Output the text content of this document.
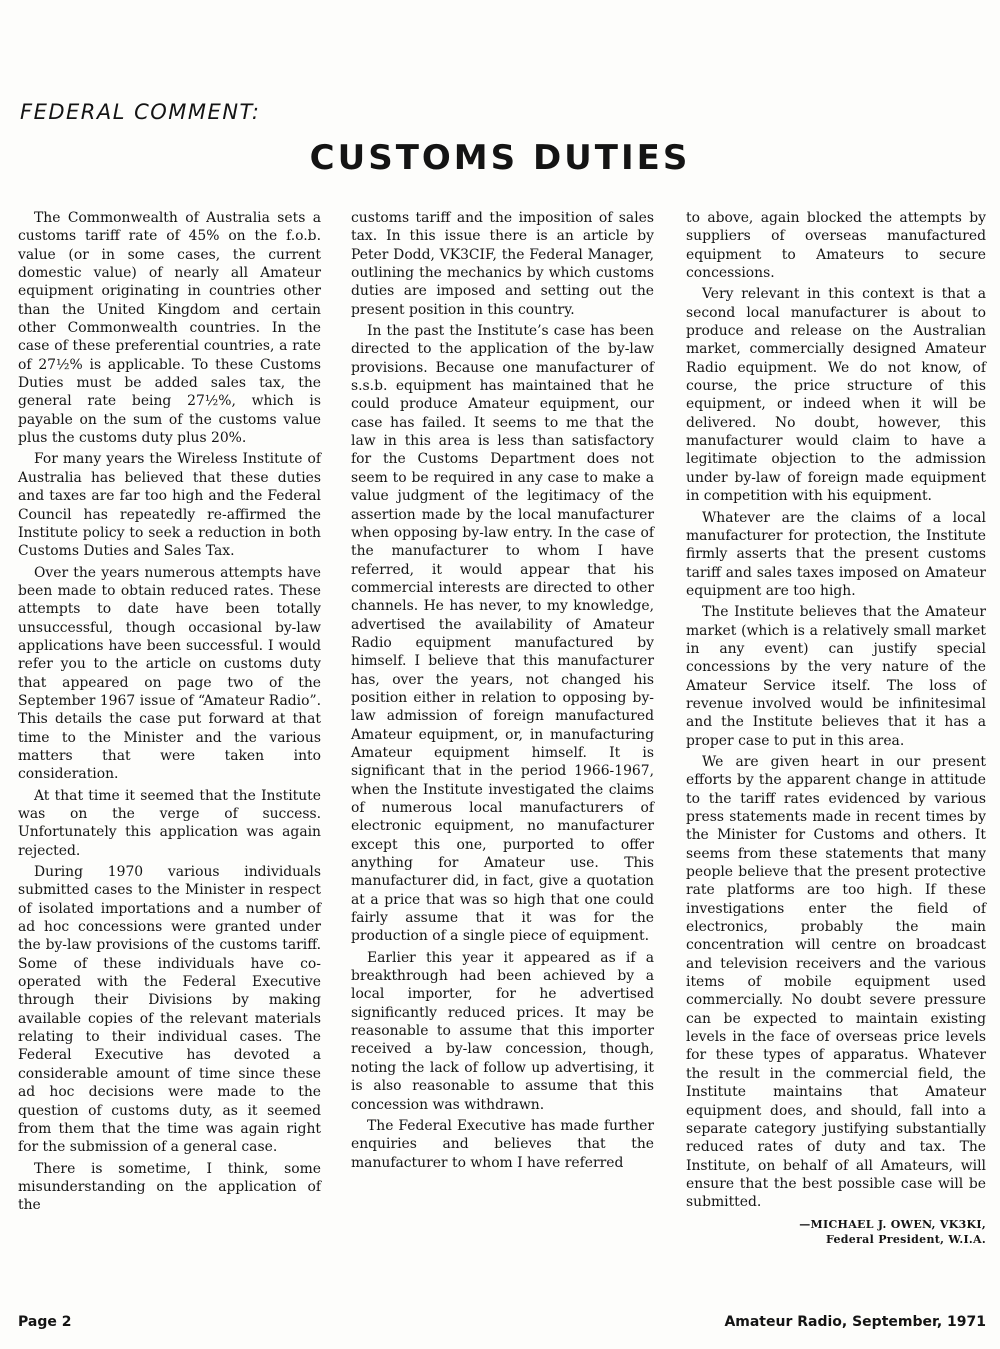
FEDERAL COMMENT:
CUSTOMS DUTIES

The Commonwealth of Australia sets a customs tariff rate of 45% on the f.o.b. value (or in some cases, the current domestic value) of nearly all Amateur equipment originating in countries other than the United Kingdom and certain other Commonwealth countries. In the case of these preferential countries, a rate of 27½% is applicable. To these Customs Duties must be added sales tax, the general rate being 27½%, which is payable on the sum of the customs value plus the customs duty plus 20%.

For many years the Wireless Institute of Australia has believed that these duties and taxes are far too high and the Federal Council has repeatedly re-affirmed the Institute policy to seek a reduction in both Customs Duties and Sales Tax.

Over the years numerous attempts have been made to obtain reduced rates. These attempts to date have been totally unsuccessful, though occasional by-law applications have been successful. I would refer you to the article on customs duty that appeared on page two of the September 1967 issue of “Amateur Radio”. This details the case put forward at that time to the Minister and the various matters that were taken into consideration.

At that time it seemed that the Institute was on the verge of success. Unfortunately this application was again rejected.

During 1970 various individuals submitted cases to the Minister in respect of isolated importations and a number of ad hoc concessions were granted under the by-law provisions of the customs tariff. Some of these individuals have co-operated with the Federal Executive through their Divisions by making available copies of the relevant materials relating to their individual cases. The Federal Executive has devoted a considerable amount of time since these ad hoc decisions were made to the question of customs duty, as it seemed from them that the time was again right for the submission of a general case.

There is sometime, I think, some misunderstanding on the application of the

customs tariff and the imposition of sales tax. In this issue there is an article by Peter Dodd, VK3CIF, the Federal Manager, outlining the mechanics by which customs duties are imposed and setting out the present position in this country.

In the past the Institute’s case has been directed to the application of the by-law provisions. Because one manufacturer of s.s.b. equipment has maintained that he could produce Amateur equipment, our case has failed. It seems to me that the law in this area is less than satisfactory for the Customs Department does not seem to be required in any case to make a value judgment of the legitimacy of the assertion made by the local manufacturer when opposing by-law entry. In the case of the manufacturer to whom I have referred, it would appear that his commercial interests are directed to other channels. He has never, to my knowledge, advertised the availability of Amateur Radio equipment manufactured by himself. I believe that this manufacturer has, over the years, not changed his position either in relation to opposing by-law admission of foreign manufactured Amateur equipment, or, in manufacturing Amateur equipment himself. It is significant that in the period 1966-1967, when the Institute investigated the claims of numerous local manufacturers of electronic equipment, no manufacturer except this one, purported to offer anything for Amateur use. This manufacturer did, in fact, give a quotation at a price that was so high that one could fairly assume that it was for the production of a single piece of equipment.

Earlier this year it appeared as if a breakthrough had been achieved by a local importer, for he advertised significantly reduced prices. It may be reasonable to assume that this importer received a by-law concession, though, noting the lack of follow up advertising, it is also reasonable to assume that this concession was withdrawn.

The Federal Executive has made further enquiries and believes that the manufacturer to whom I have referred

to above, again blocked the attempts by suppliers of overseas manufactured equipment to Amateurs to secure concessions.

Very relevant in this context is that a second local manufacturer is about to produce and release on the Australian market, commercially designed Amateur Radio equipment. We do not know, of course, the price structure of this equipment, or indeed when it will be delivered. No doubt, however, this manufacturer would claim to have a legitimate objection to the admission under by-law of foreign made equipment in competition with his equipment.

Whatever are the claims of a local manufacturer for protection, the Institute firmly asserts that the present customs tariff and sales taxes imposed on Amateur equipment are too high.

The Institute believes that the Amateur market (which is a relatively small market in any event) can justify special concessions by the very nature of the Amateur Service itself. The loss of revenue involved would be infinitesimal and the Institute believes that it has a proper case to put in this area.

We are given heart in our present efforts by the apparent change in attitude to the tariff rates evidenced by various press statements made in recent times by the Minister for Customs and others. It seems from these statements that many people believe that the present protective rate platforms are too high. If these investigations enter the field of electronics, probably the main concentration will centre on broadcast and television receivers and the various items of mobile equipment used commercially. No doubt severe pressure can be expected to maintain existing levels in the face of overseas price levels for these types of apparatus. Whatever the result in the commercial field, the Institute maintains that Amateur equipment does, and should, fall into a separate category justifying substantially reduced rates of duty and tax. The Institute, on behalf of all Amateurs, will ensure that the best possible case will be submitted.

—MICHAEL J. OWEN, VK3KI,
Federal President, W.I.A.
Page 2	Amateur Radio, September, 1971
